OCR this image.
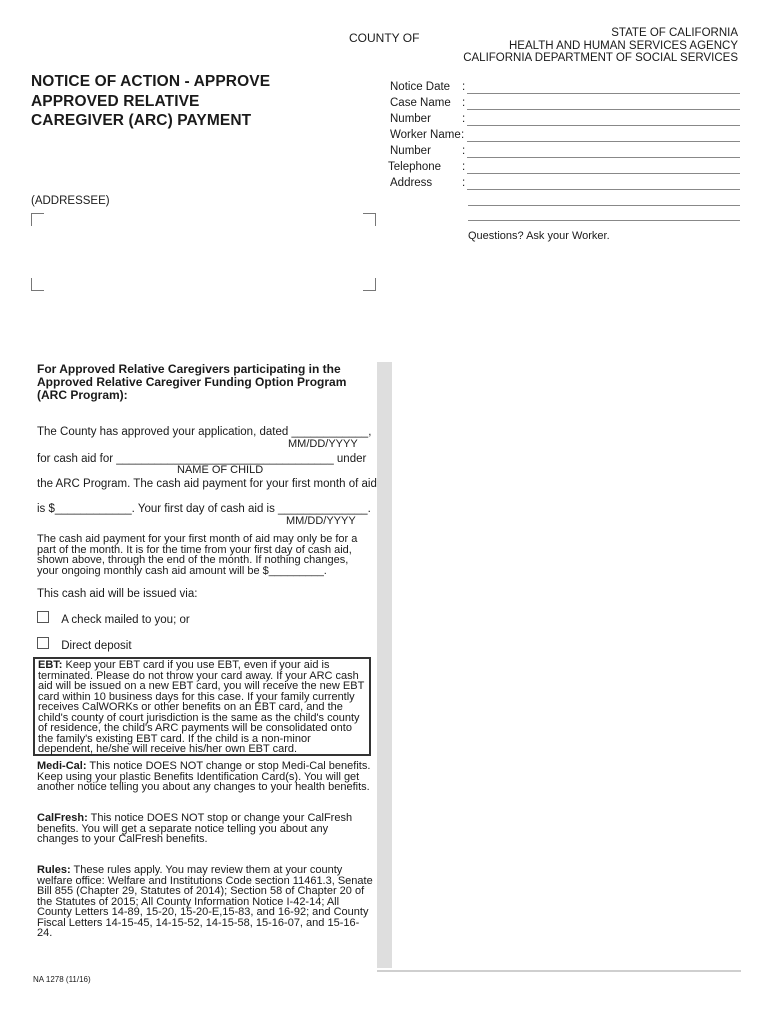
COUNTY OF	STATE OF CALIFORNIA
HEALTH AND HUMAN SERVICES AGENCY
CALIFORNIA DEPARTMENT OF SOCIAL SERVICES
NOTICE OF ACTION - APPROVE
APPROVED RELATIVE
CAREGIVER (ARC) PAYMENT
Notice Date :
Case Name :
Number	:
Worker Name :
Number	:
Telephone :
Address	:
Questions? Ask your Worker.
(ADDRESSEE)
For Approved Relative Caregivers participating in the Approved Relative Caregiver Funding Option Program (ARC Program):
The County has approved your application, dated ____________,
MM/DD/YYYY
for cash aid for __________________________________ under
NAME OF CHILD
the ARC Program. The cash aid payment for your first month of aid
is $____________. Your first day of cash aid is ______________.
MM/DD/YYYY
The cash aid payment for your first month of aid may only be for a part of the month. It is for the time from your first day of cash aid, shown above, through the end of the month. If nothing changes, your ongoing monthly cash aid amount will be $_________.
This cash aid will be issued via:
A check mailed to you; or
Direct deposit
EBT: Keep your EBT card if you use EBT, even if your aid is terminated. Please do not throw your card away. If your ARC cash aid will be issued on a new EBT card, you will receive the new EBT card within 10 business days for this case. If your family currently receives CalWORKs or other benefits on an EBT card, and the child's county of court jurisdiction is the same as the child's county of residence, the child's ARC payments will be consolidated onto the family's existing EBT card. If the child is a non-minor dependent, he/she will receive his/her own EBT card.
Medi-Cal: This notice DOES NOT change or stop Medi-Cal benefits. Keep using your plastic Benefits Identification Card(s). You will get another notice telling you about any changes to your health benefits.
CalFresh: This notice DOES NOT stop or change your CalFresh benefits. You will get a separate notice telling you about any changes to your CalFresh benefits.
Rules: These rules apply. You may review them at your county welfare office: Welfare and Institutions Code section 11461.3, Senate Bill 855 (Chapter 29, Statutes of 2014); Section 58 of Chapter 20 of the Statutes of 2015; All County Information Notice I-42-14; All County Letters 14-89, 15-20, 15-20-E,15-83, and 16-92; and County Fiscal Letters 14-15-45, 14-15-52, 14-15-58, 15-16-07, and 15-16-24.
NA 1278 (11/16)
